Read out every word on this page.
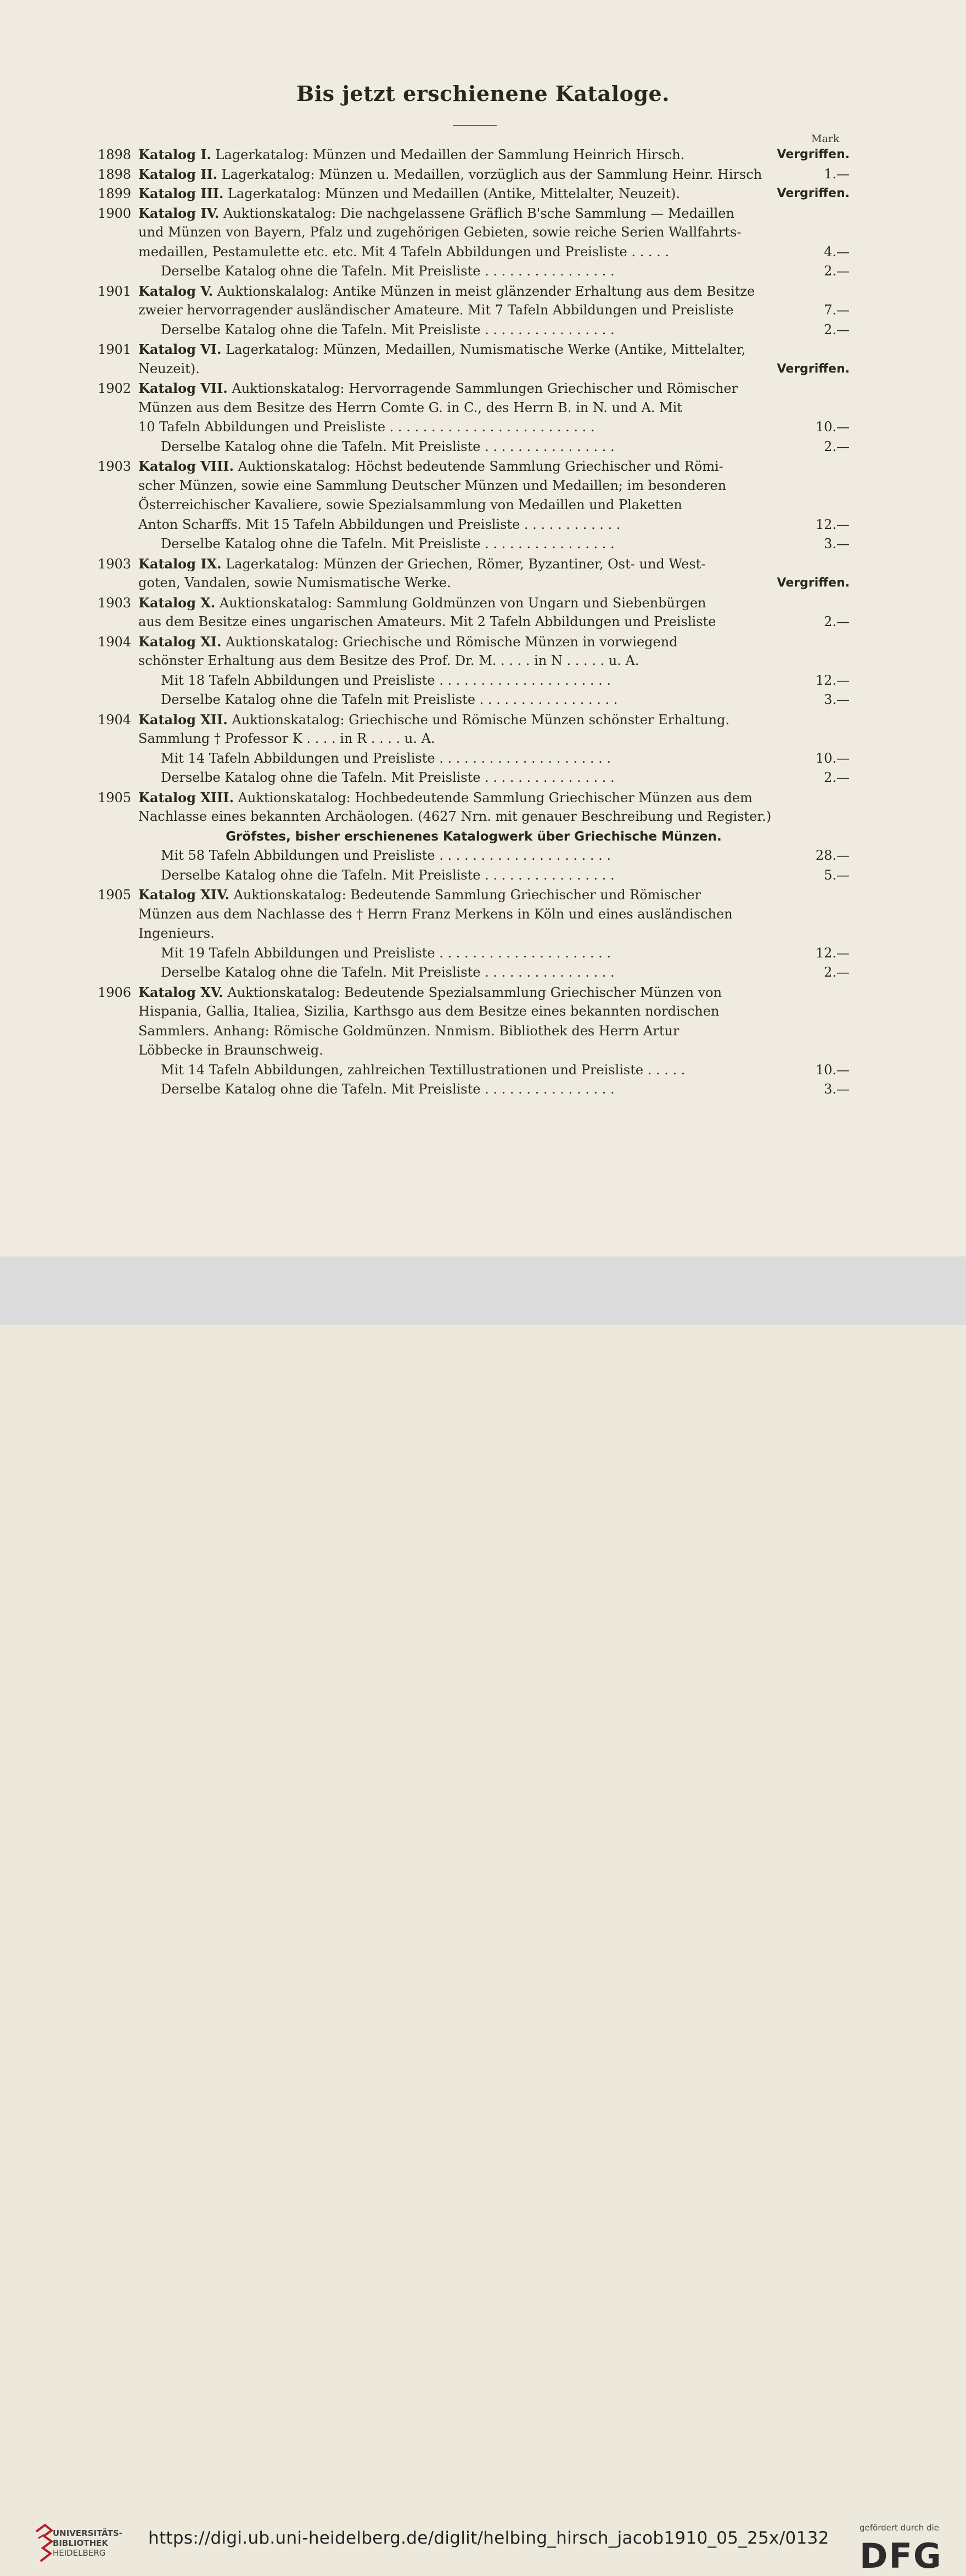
Bis jetzt erschienene Kataloge.
Mark
1898 Katalog I. Lagerkatalog: Münzen und Medaillen der Sammlung Heinrich Hirsch.	Vergriffen.
1898 Katalog II. Lagerkatalog: Münzen u. Medaillen, vorzüglich aus der Sammlung Heinr. Hirsch	1.—
1899 Katalog III. Lagerkatalog: Münzen und Medaillen (Antike, Mittelalter, Neuzeit).	Vergriffen.
1900 Katalog IV. Auktionskatalog: Die nachgelassene Gräflich B'sche Sammlung — Medaillen
und Münzen von Bayern, Pfalz und zugehörigen Gebieten, sowie reiche Serien Wallfahrts-
medaillen, Pestamulette etc. etc. Mit 4 Tafeln Abbildungen und Preisliste . . . . .	4.—
Derselbe Katalog ohne die Tafeln. Mit Preisliste . . . . . . . . . . . . . . . .	2.—
1901 Katalog V. Auktionskalalog: Antike Münzen in meist glänzender Erhaltung aus dem Besitze
zweier hervorragender ausländischer Amateure. Mit 7 Tafeln Abbildungen und Preisliste	7.—
Derselbe Katalog ohne die Tafeln. Mit Preisliste . . . . . . . . . . . . . . . .	2.—
1901 Katalog VI. Lagerkatalog: Münzen, Medaillen, Numismatische Werke (Antike, Mittelalter,
Neuzeit).	Vergriffen.
1902 Katalog VII. Auktionskatalog: Hervorragende Sammlungen Griechischer und Römischer
Münzen aus dem Besitze des Herrn Comte G. in C., des Herrn B. in N. und A. Mit
10 Tafeln Abbildungen und Preisliste . . . . . . . . . . . . . . . . . . . . . . . . .	10.—
Derselbe Katalog ohne die Tafeln. Mit Preisliste . . . . . . . . . . . . . . . .	2.—
1903 Katalog VIII. Auktionskatalog: Höchst bedeutende Sammlung Griechischer und Römi-
scher Münzen, sowie eine Sammlung Deutscher Münzen und Medaillen; im besonderen
Österreichischer Kavaliere, sowie Spezialsammlung von Medaillen und Plaketten
Anton Scharffs. Mit 15 Tafeln Abbildungen und Preisliste . . . . . . . . . . . .	12.—
Derselbe Katalog ohne die Tafeln. Mit Preisliste . . . . . . . . . . . . . . . .	3.—
1903 Katalog IX. Lagerkatalog: Münzen der Griechen, Römer, Byzantiner, Ost- und West-
goten, Vandalen, sowie Numismatische Werke.	Vergriffen.
1903 Katalog X. Auktionskatalog: Sammlung Goldmünzen von Ungarn und Siebenbürgen
aus dem Besitze eines ungarischen Amateurs. Mit 2 Tafeln Abbildungen und Preisliste	2.—
1904 Katalog XI. Auktionskatalog: Griechische und Römische Münzen in vorwiegend
schönster Erhaltung aus dem Besitze des Prof. Dr. M. . . . . in N . . . . . u. A.
Mit 18 Tafeln Abbildungen und Preisliste . . . . . . . . . . . . . . . . . . . . .	12.—
Derselbe Katalog ohne die Tafeln mit Preisliste . . . . . . . . . . . . . . . . .	3.—
1904 Katalog XII. Auktionskatalog: Griechische und Römische Münzen schönster Erhaltung.
Sammlung † Professor K . . . . in R . . . . u. A.
Mit 14 Tafeln Abbildungen und Preisliste . . . . . . . . . . . . . . . . . . . . .	10.—
Derselbe Katalog ohne die Tafeln. Mit Preisliste . . . . . . . . . . . . . . . .	2.—
1905 Katalog XIII. Auktionskatalog: Hochbedeutende Sammlung Griechischer Münzen aus dem
Nachlasse eines bekannten Archäologen. (4627 Nrn. mit genauer Beschreibung und Register.)
Gröfstes, bisher erschienenes Katalogwerk über Griechische Münzen.
Mit 58 Tafeln Abbildungen und Preisliste . . . . . . . . . . . . . . . . . . . . .	28.—
Derselbe Katalog ohne die Tafeln. Mit Preisliste . . . . . . . . . . . . . . . .	5.—
1905 Katalog XIV. Auktionskatalog: Bedeutende Sammlung Griechischer und Römischer
Münzen aus dem Nachlasse des † Herrn Franz Merkens in Köln und eines ausländischen
Ingenieurs.
Mit 19 Tafeln Abbildungen und Preisliste . . . . . . . . . . . . . . . . . . . . .	12.—
Derselbe Katalog ohne die Tafeln. Mit Preisliste . . . . . . . . . . . . . . . .	2.—
1906 Katalog XV. Auktionskatalog: Bedeutende Spezialsammlung Griechischer Münzen von
Hispania, Gallia, Italiea, Sizilia, Karthsgo aus dem Besitze eines bekannten nordischen
Sammlers. Anhang: Römische Goldmünzen. Nnmism. Bibliothek des Herrn Artur
Löbbecke in Braunschweig.
Mit 14 Tafeln Abbildungen, zahlreichen Textillustrationen und Preisliste . . . . .	10.—
Derselbe Katalog ohne die Tafeln. Mit Preisliste . . . . . . . . . . . . . . . .	3.—
UNIVERSITÄTS-
BIBLIOTHEK
HEIDELBERG
https://digi.ub.uni-heidelberg.de/diglit/helbing_hirsch_jacob1910_05_25x/0132
gefördert durch die
DFG
